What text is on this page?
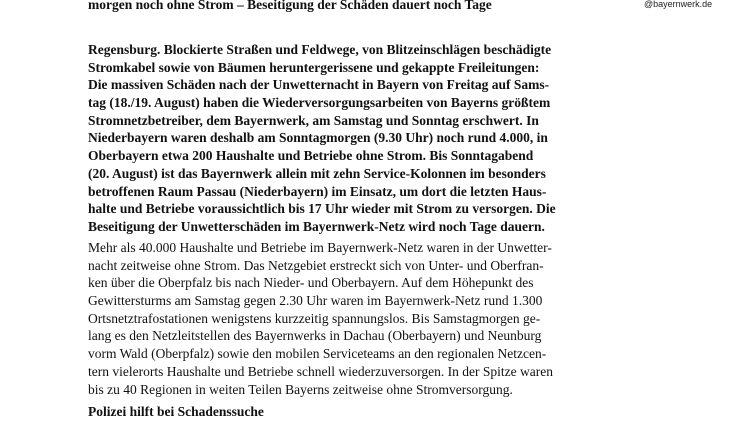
morgen noch ohne Strom – Beseitigung der Schäden dauert noch Tage	@bayernwerk.de
Regensburg. Blockierte Straßen und Feldwege, von Blitzeinschlägen beschädigte
Stromkabel sowie von Bäumen heruntergerissene und gekappte Freileitungen:
Die massiven Schäden nach der Unwetternacht in Bayern von Freitag auf Sams-
tag (18./19. August) haben die Wiederversorgungsarbeiten von Bayerns größtem
Stromnetzbetreiber, dem Bayernwerk, am Samstag und Sonntag erschwert. In
Niederbayern waren deshalb am Sonntagmorgen (9.30 Uhr) noch rund 4.000, in
Oberbayern etwa 200 Haushalte und Betriebe ohne Strom. Bis Sonntagabend
(20. August) ist das Bayernwerk allein mit zehn Service-Kolonnen im besonders
betroffenen Raum Passau (Niederbayern) im Einsatz, um dort die letzten Haus-
halte und Betriebe voraussichtlich bis 17 Uhr wieder mit Strom zu versorgen. Die
Beseitigung der Unwetterschäden im Bayernwerk-Netz wird noch Tage dauern.
Mehr als 40.000 Haushalte und Betriebe im Bayernwerk-Netz waren in der Unwetter-
nacht zeitweise ohne Strom. Das Netzgebiet erstreckt sich von Unter- und Oberfran-
ken über die Oberpfalz bis nach Nieder- und Oberbayern. Auf dem Höhepunkt des
Gewittersturms am Samstag gegen 2.30 Uhr waren im Bayernwerk-Netz rund 1.300
Ortsnetztrafostationen wenigstens kurzzeitig spannungslos. Bis Samstagmorgen ge-
lang es den Netzleitstellen des Bayernwerks in Dachau (Oberbayern) und Neunburg
vorm Wald (Oberpfalz) sowie den mobilen Serviceteams an den regionalen Netzcen-
tern vielerorts Haushalte und Betriebe schnell wiederzuversorgen. In der Spitze waren
bis zu 40 Regionen in weiten Teilen Bayerns zeitweise ohne Stromversorgung.
Polizei hilft bei Schadenssuche
